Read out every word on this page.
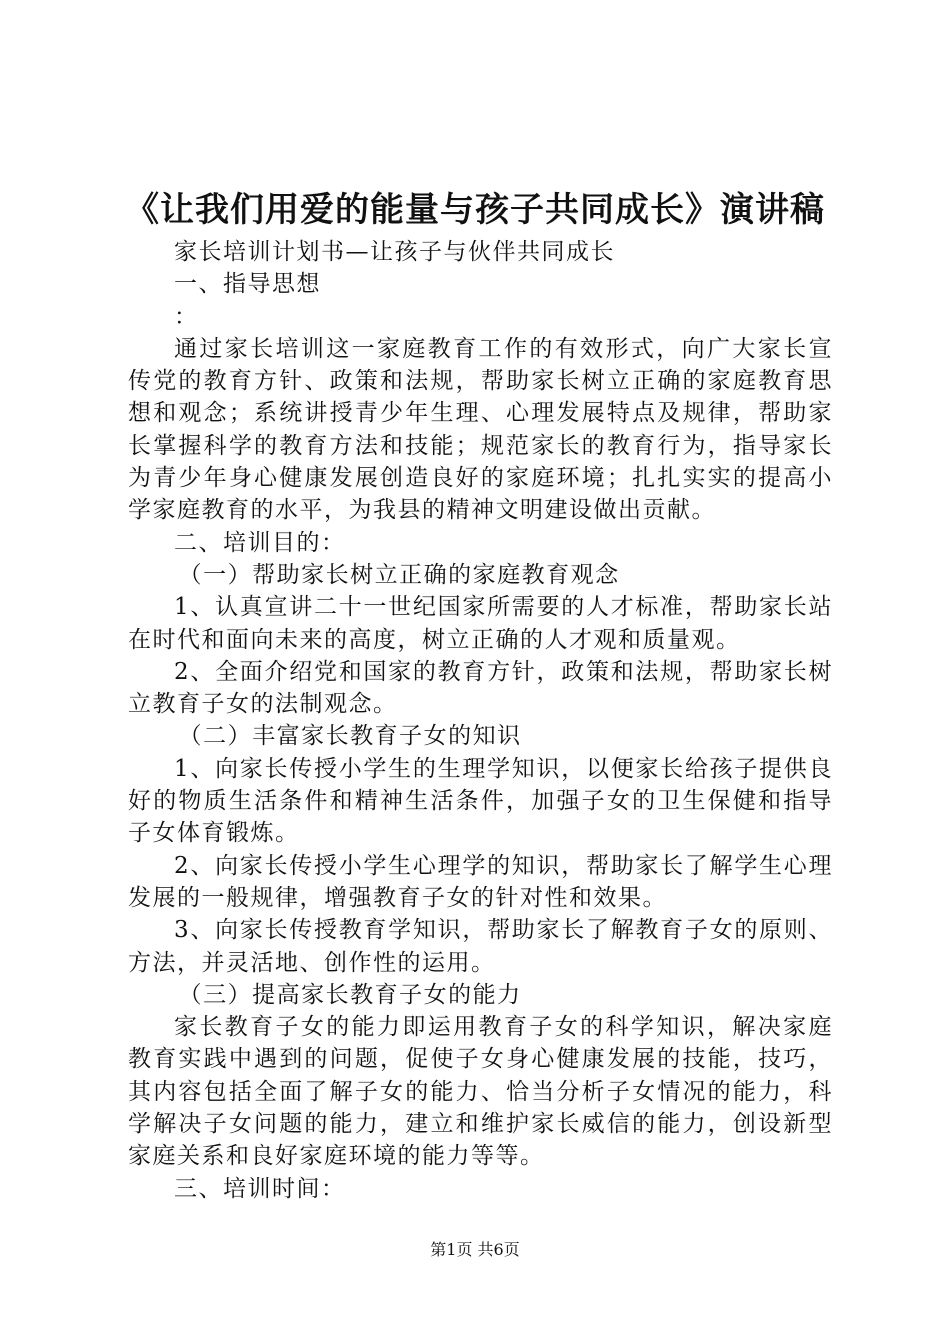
《让我们用爱的能量与孩子共同成长》演讲稿

家长培训计划书—让孩子与伙伴共同成长

一、指导思想

：

通过家长培训这一家庭教育工作的有效形式，向广大家长宣传党的教育方针、政策和法规，帮助家长树立正确的家庭教育思想和观念；系统讲授青少年生理、心理发展特点及规律，帮助家长掌握科学的教育方法和技能；规范家长的教育行为，指导家长为青少年身心健康发展创造良好的家庭环境；扎扎实实的提高小学家庭教育的水平，为我县的精神文明建设做出贡献。

二、培训目的：

（一）帮助家长树立正确的家庭教育观念

1、认真宣讲二十一世纪国家所需要的人才标准，帮助家长站在时代和面向未来的高度，树立正确的人才观和质量观。

2、全面介绍党和国家的教育方针，政策和法规，帮助家长树立教育子女的法制观念。

（二）丰富家长教育子女的知识

1、向家长传授小学生的生理学知识，以便家长给孩子提供良好的物质生活条件和精神生活条件，加强子女的卫生保健和指导子女体育锻炼。

2、向家长传授小学生心理学的知识，帮助家长了解学生心理发展的一般规律，增强教育子女的针对性和效果。

3、向家长传授教育学知识，帮助家长了解教育子女的原则、方法，并灵活地、创作性的运用。

（三）提高家长教育子女的能力

家长教育子女的能力即运用教育子女的科学知识，解决家庭教育实践中遇到的问题，促使子女身心健康发展的技能，技巧，其内容包括全面了解子女的能力、恰当分析子女情况的能力，科学解决子女问题的能力，建立和维护家长威信的能力，创设新型家庭关系和良好家庭环境的能力等等。

三、培训时间：

第1页 共6页
